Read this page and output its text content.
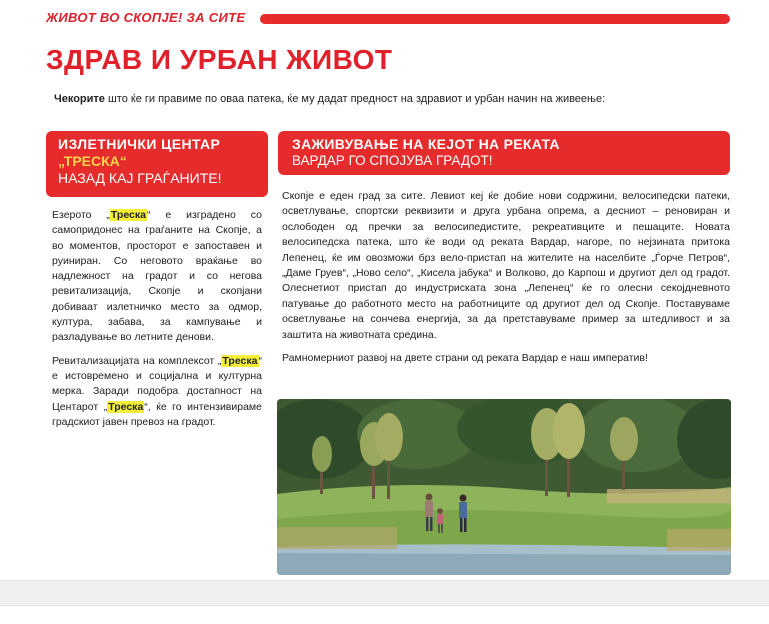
ЖИВОТ ВО СКОПЈЕ! ЗА СИТЕ
ЗДРАВ И УРБАН ЖИВОТ
Чекорите што ќе ги правиме по оваа патека, ќе му дадат предност на здравиот и урбан начин на живеење:
ИЗЛЕТНИЧКИ ЦЕНТАР
„ТРЕСКА“
НАЗАД КАЈ ГРАЃАНИТЕ!
ЗАЖИВУВАЊЕ НА КЕЈОТ НА РЕКАТА
ВАРДАР ГО СПОЈУВА ГРАДОТ!

Езерото „Треска“ е изградено со самопридонес на граѓаните на Скопје, а во моментов, просторот е запоставен и руиниран. Со неговото враќање во надлежност на градот и со негова ревитализација, Скопје и скопјани добиваат излетничко место за одмор, култура, забава, за кампување и разладување во летните денови.

Ревитализацијата на комплексот „Треска“ е истовремено и социјална и културна мерка. Заради подобра достапност на Центарот „Треска“, ќе го интензивираме градскиот јавен превоз на градот.

Скопје е еден град за сите. Левиот кеј ќе добие нови содржини, велосипедски патеки, осветлување, спортски реквизити и друга урбана опрема, а десниот – реновиран и ослободен од пречки за велосипедистите, рекреативците и пешаците. Новата велосипедска патека, што ќе води од реката Вардар, нагоре, по нејзината притока Лепенец, ќе им овозможи брз вело-пристап на жителите на населбите „Ѓорче Петров“, „Даме Груев“, „Ново село“, „Кисела јабука“ и Волково, до Карпош и другиот дел од градот. Олеснетиот пристап до индустриската зона „Лепенец“ ќе го олесни секојдневното патување до работното место на работниците од другиот дел од Скопје. Поставуваме осветлување на сончева енергија, за да претставуваме пример за штедливост и за заштита на животната средина.

Рамномерниот развој на двете страни од реката Вардар е наш императив!
